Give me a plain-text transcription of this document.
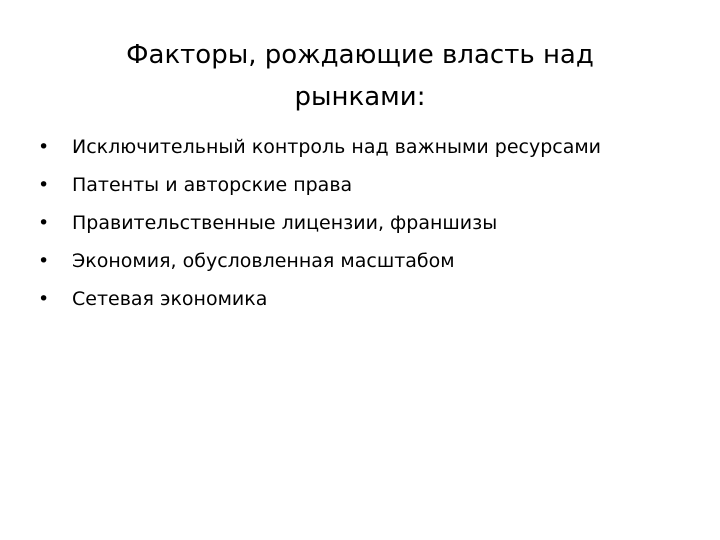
Факторы, рождающие власть над
рынками:
• Исключительный контроль над важными ресурсами
• Патенты и авторские права
• Правительственные лицензии, франшизы
• Экономия, обусловленная масштабом
• Сетевая экономика
